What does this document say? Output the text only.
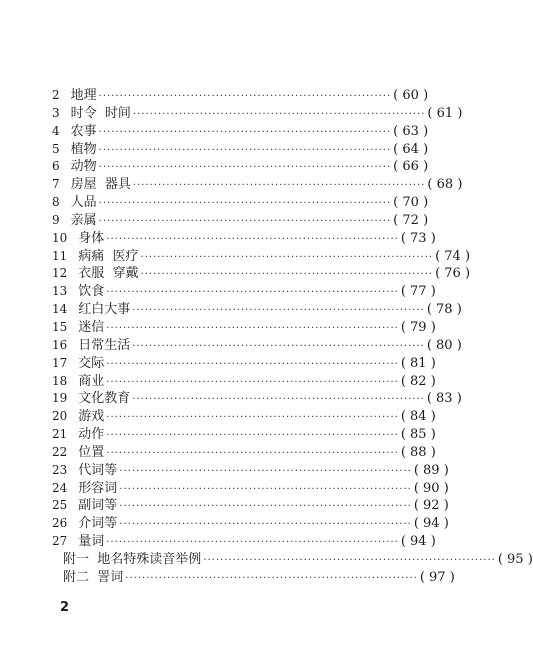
2 地理 ······································································ ( 60 )
3 时令  时间 ······································································ ( 61 )
4 农事 ······································································ ( 63 )
5 植物 ······································································ ( 64 )
6 动物 ······································································ ( 66 )
7 房屋  器具 ······································································ ( 68 )
8 人品 ······································································ ( 70 )
9 亲属 ······································································ ( 72 )
10 身体 ······································································ ( 73 )
11 病痛  医疗 ······································································ ( 74 )
12 衣服  穿戴 ······································································ ( 76 )
13 饮食 ······································································ ( 77 )
14 红白大事 ······································································ ( 78 )
15 迷信 ······································································ ( 79 )
16 日常生活 ······································································ ( 80 )
17 交际 ······································································ ( 81 )
18 商业 ······································································ ( 82 )
19 文化教育 ······································································ ( 83 )
20 游戏 ······································································ ( 84 )
21 动作 ······································································ ( 85 )
22 位置 ······································································ ( 88 )
23 代词等 ······································································ ( 89 )
24 形容词 ······································································ ( 90 )
25 副词等 ······································································ ( 92 )
26 介词等 ······································································ ( 94 )
27 量词 ······································································ ( 94 )
附一
地名特殊读音举例 ······································································ ( 95 )
附二
詈词 ······································································ ( 97 )
2
